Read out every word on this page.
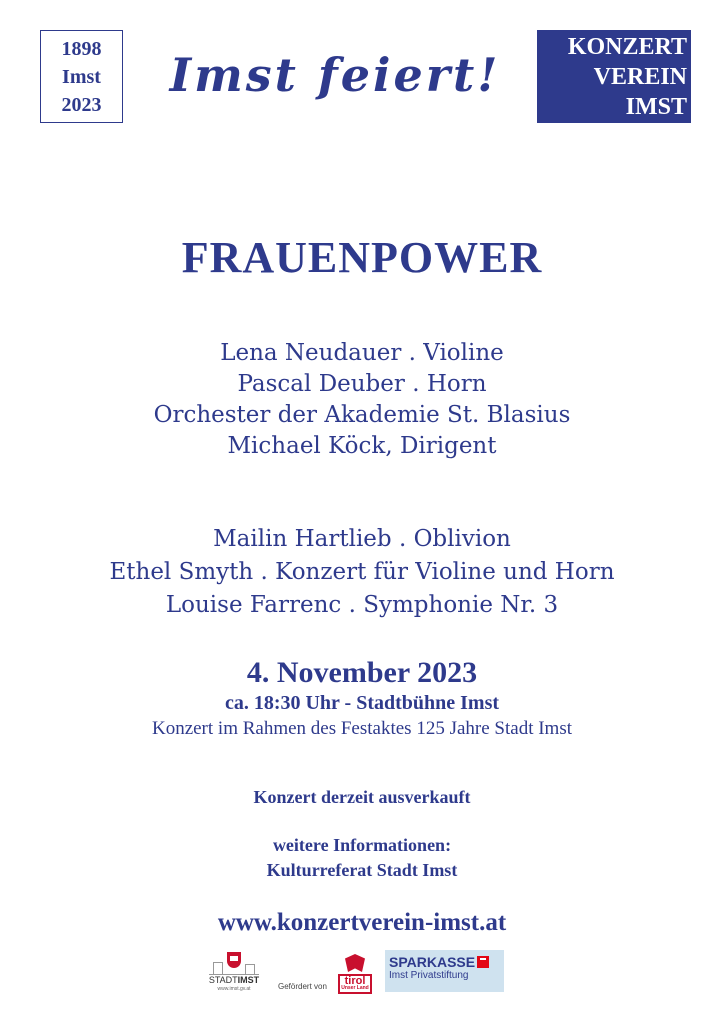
1898
Imst
2023
Imst feiert!
KONZERT
VEREIN
IMST
FRAUENPOWER
Lena Neudauer . Violine
Pascal Deuber . Horn
Orchester der Akademie St. Blasius
Michael Köck, Dirigent
Mailin Hartlieb . Oblivion
Ethel Smyth . Konzert für Violine und Horn
Louise Farrenc . Symphonie Nr. 3
4. November 2023
ca. 18:30 Uhr - Stadtbühne Imst
Konzert im Rahmen des Festaktes 125 Jahre Stadt Imst
Konzert derzeit ausverkauft
weitere Informationen:
Kulturreferat Stadt Imst
www.konzertverein-imst.at
STADTIMST
www.imst.gv.at	Gefördert von	tirol
Unser Land
SPARKASSE
Imst Privatstiftung
